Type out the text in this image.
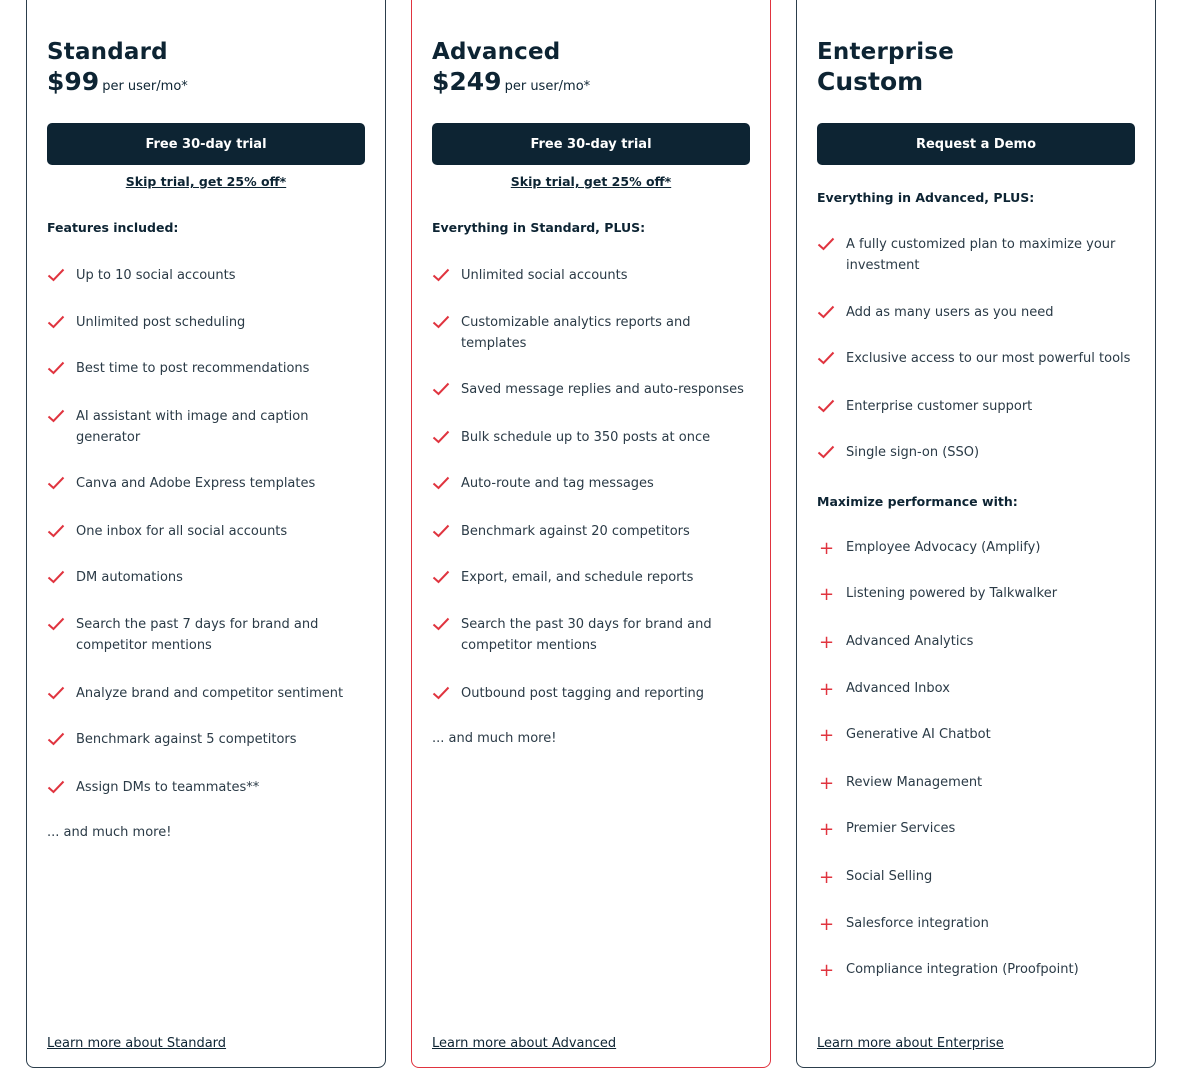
Standard
$99 per user/mo*
Free 30-day trial
Skip trial, get 25% off*
Features included:
Up to 10 social accounts
Unlimited post scheduling
Best time to post recommendations
AI assistant with image and caption generator
Canva and Adobe Express templates
One inbox for all social accounts
DM automations
Search the past 7 days for brand and competitor mentions
Analyze brand and competitor sentiment
Benchmark against 5 competitors
Assign DMs to teammates**
... and much more!
Learn more about Standard
Advanced
$249 per user/mo*
Free 30-day trial
Skip trial, get 25% off*
Everything in Standard, PLUS:
Unlimited social accounts
Customizable analytics reports and templates
Saved message replies and auto-responses
Bulk schedule up to 350 posts at once
Auto-route and tag messages
Benchmark against 20 competitors
Export, email, and schedule reports
Search the past 30 days for brand and competitor mentions
Outbound post tagging and reporting
... and much more!
Learn more about Advanced
Enterprise
Custom
Request a Demo
Everything in Advanced, PLUS:
A fully customized plan to maximize your investment
Add as many users as you need
Exclusive access to our most powerful tools
Enterprise customer support
Single sign-on (SSO)
Maximize performance with:
+ Employee Advocacy (Amplify)
+ Listening powered by Talkwalker
+ Advanced Analytics
+ Advanced Inbox
+ Generative AI Chatbot
+ Review Management
+ Premier Services
+ Social Selling
+ Salesforce integration
+ Compliance integration (Proofpoint)
Learn more about Enterprise
